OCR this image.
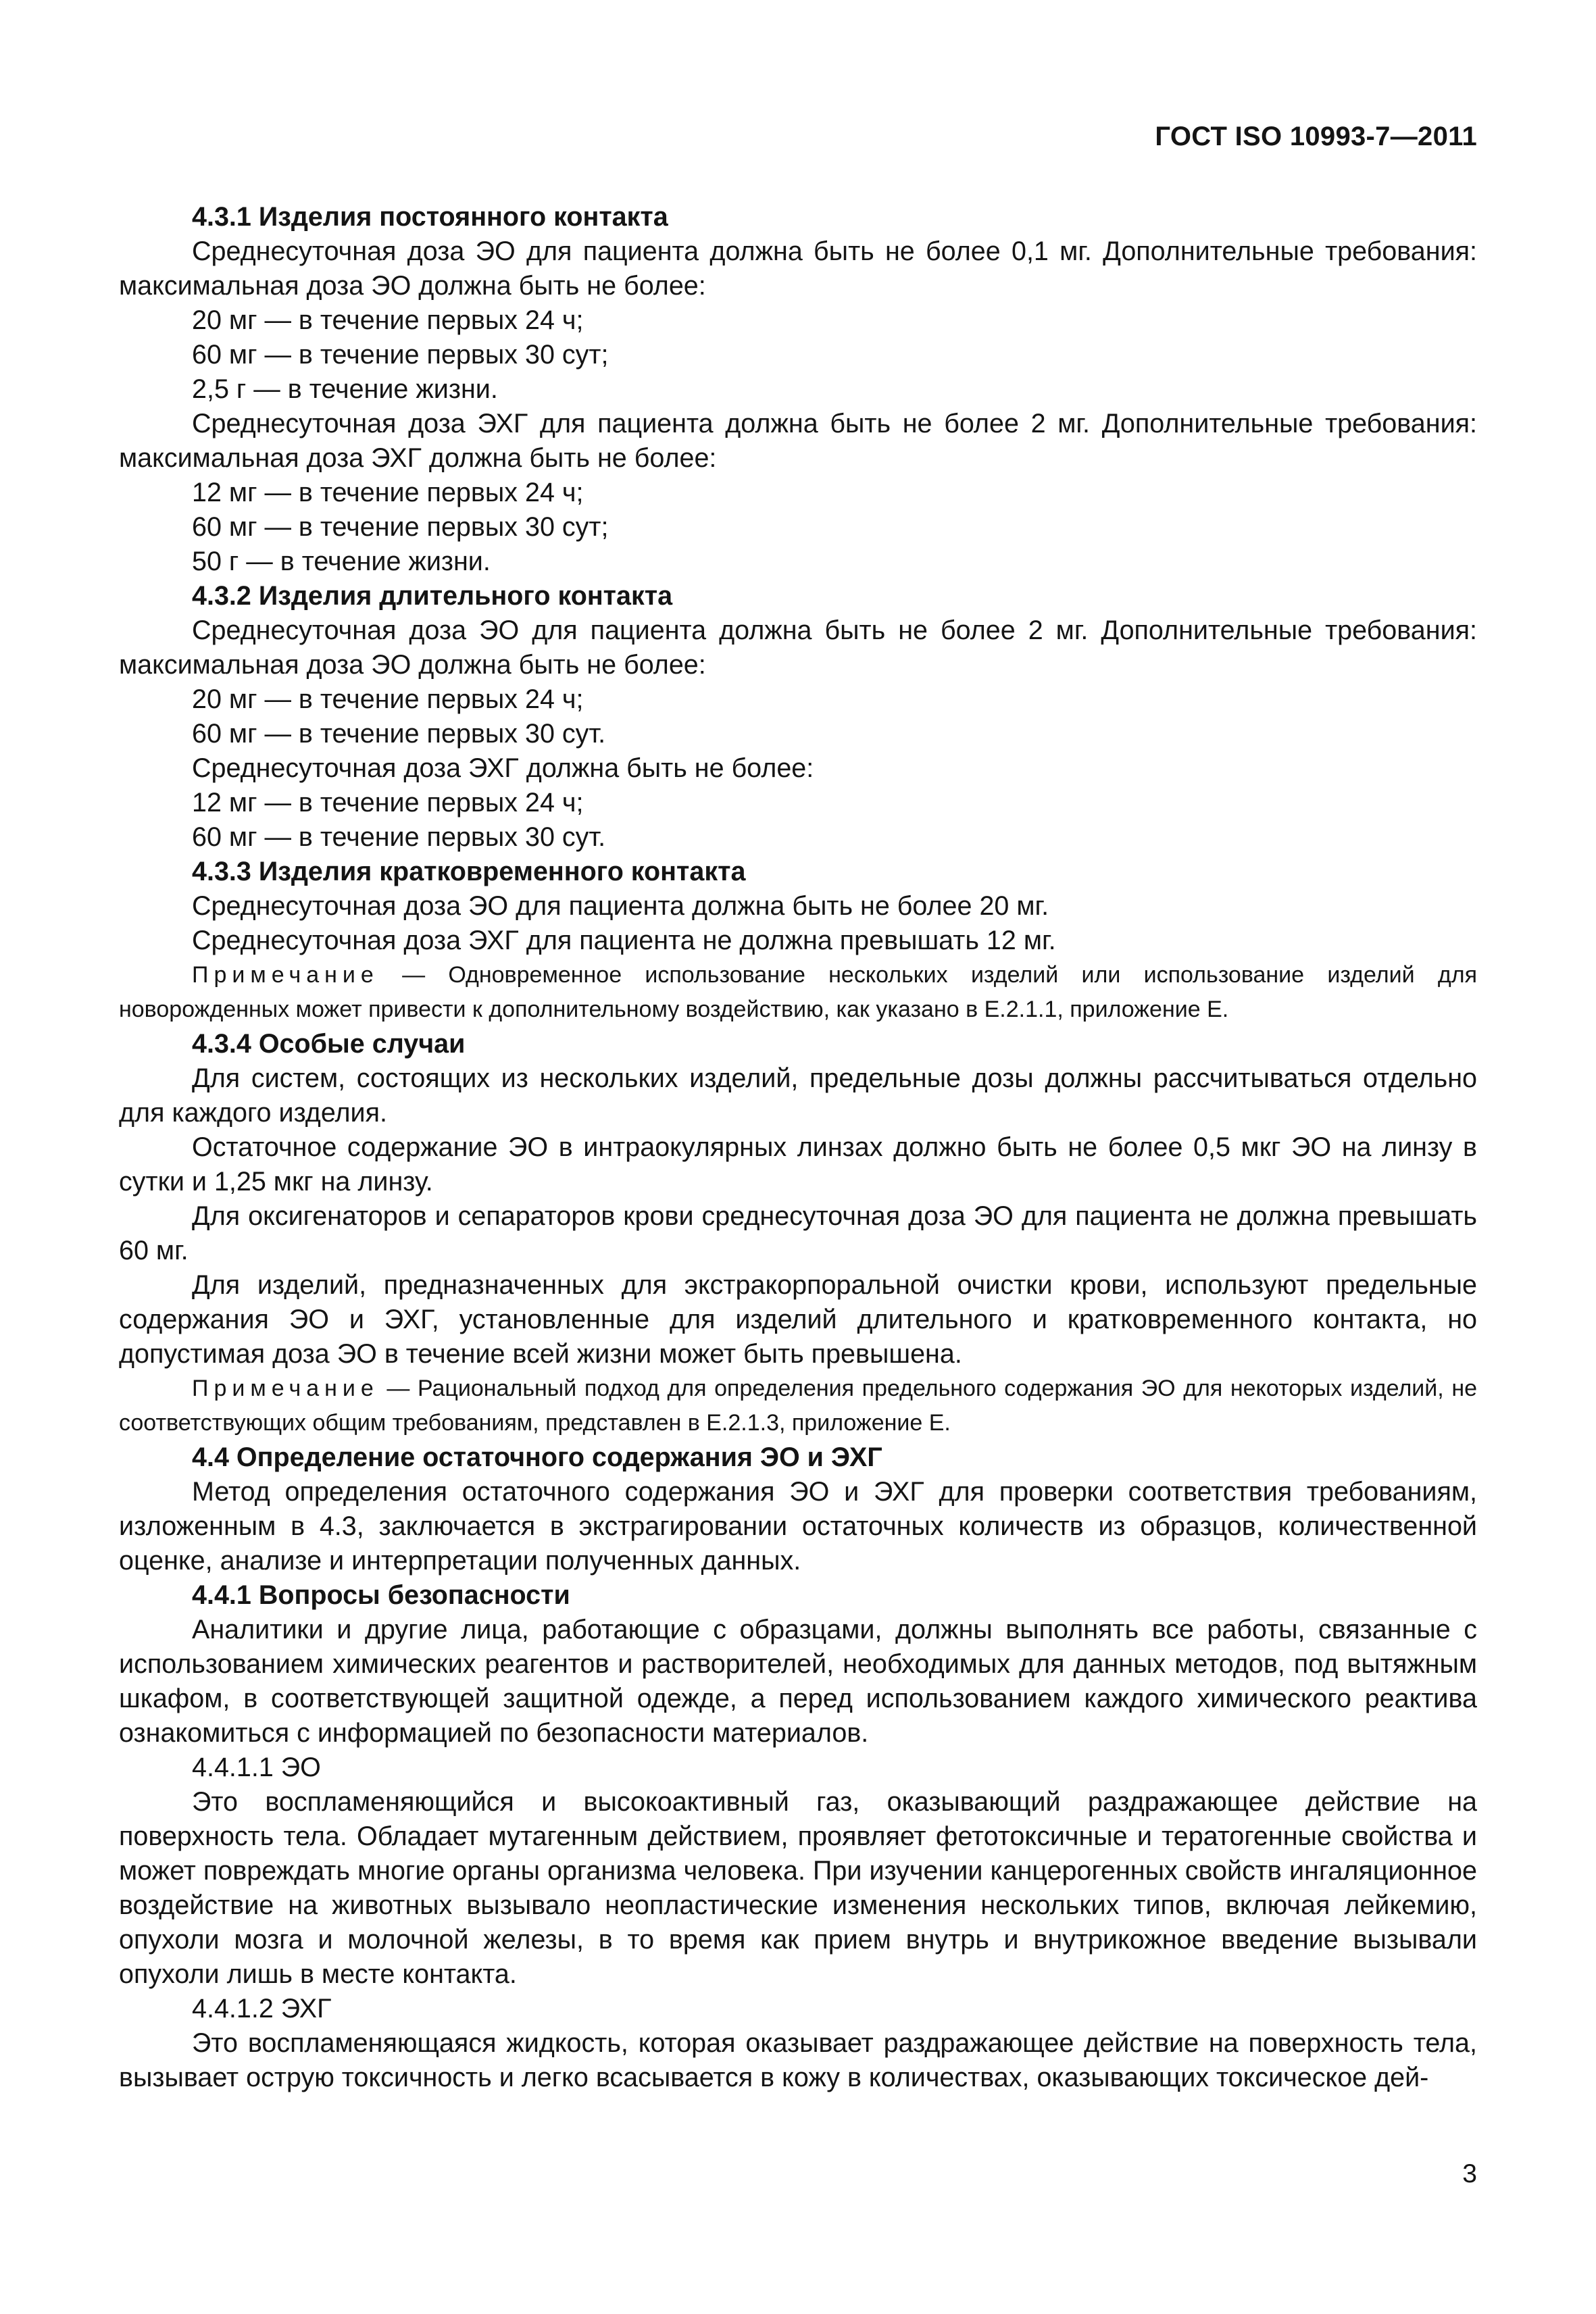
ГОСТ ISO 10993-7—2011

4.3.1 Изделия постоянного контакта

Среднесуточная доза ЭО для пациента должна быть не более 0,1 мг. Дополнительные требования: максимальная доза ЭО должна быть не более:

20 мг — в течение первых 24 ч;

60 мг — в течение первых 30 сут;

2,5 г — в течение жизни.

Среднесуточная доза ЭХГ для пациента должна быть не более 2 мг. Дополнительные требования: максимальная доза ЭХГ должна быть не более:

12 мг — в течение первых 24 ч;

60 мг — в течение первых 30 сут;

50 г — в течение жизни.

4.3.2 Изделия длительного контакта

Среднесуточная доза ЭО для пациента должна быть не более 2 мг. Дополнительные требования: максимальная доза ЭО должна быть не более:

20 мг — в течение первых 24 ч;

60 мг — в течение первых 30 сут.

Среднесуточная доза ЭХГ должна быть не более:

12 мг — в течение первых 24 ч;

60 мг — в течение первых 30 сут.

4.3.3 Изделия кратковременного контакта

Среднесуточная доза ЭО для пациента должна быть не более 20 мг.

Среднесуточная доза ЭХГ для пациента не должна превышать 12 мг.

Примечание — Одновременное использование нескольких изделий или использование изделий для новорожденных может привести к дополнительному воздействию, как указано в Е.2.1.1, приложение Е.

4.3.4 Особые случаи

Для систем, состоящих из нескольких изделий, предельные дозы должны рассчитываться отдельно для каждого изделия.

Остаточное содержание ЭО в интраокулярных линзах должно быть не более 0,5 мкг ЭО на линзу в сутки и 1,25 мкг на линзу.

Для оксигенаторов и сепараторов крови среднесуточная доза ЭО для пациента не должна превышать 60 мг.

Для изделий, предназначенных для экстракорпоральной очистки крови, используют предельные содержания ЭО и ЭХГ, установленные для изделий длительного и кратковременного контакта, но допустимая доза ЭО в течение всей жизни может быть превышена.

Примечание — Рациональный подход для определения предельного содержания ЭО для некоторых изделий, не соответствующих общим требованиям, представлен в Е.2.1.3, приложение Е.

4.4 Определение остаточного содержания ЭО и ЭХГ

Метод определения остаточного содержания ЭО и ЭХГ для проверки соответствия требованиям, изложенным в 4.3, заключается в экстрагировании остаточных количеств из образцов, количественной оценке, анализе и интерпретации полученных данных.

4.4.1 Вопросы безопасности

Аналитики и другие лица, работающие с образцами, должны выполнять все работы, связанные с использованием химических реагентов и растворителей, необходимых для данных методов, под вытяжным шкафом, в соответствующей защитной одежде, а перед использованием каждого химического реактива ознакомиться с информацией по безопасности материалов.

4.4.1.1 ЭО

Это воспламеняющийся и высокоактивный газ, оказывающий раздражающее действие на поверхность тела. Обладает мутагенным действием, проявляет фетотоксичные и тератогенные свойства и может повреждать многие органы организма человека. При изучении канцерогенных свойств ингаляционное воздействие на животных вызывало неопластические изменения нескольких типов, включая лейкемию, опухоли мозга и молочной железы, в то время как прием внутрь и внутрикожное введение вызывали опухоли лишь в месте контакта.

4.4.1.2 ЭХГ

Это воспламеняющаяся жидкость, которая оказывает раздражающее действие на поверхность тела, вызывает острую токсичность и легко всасывается в кожу в количествах, оказывающих токсическое дей-

3
